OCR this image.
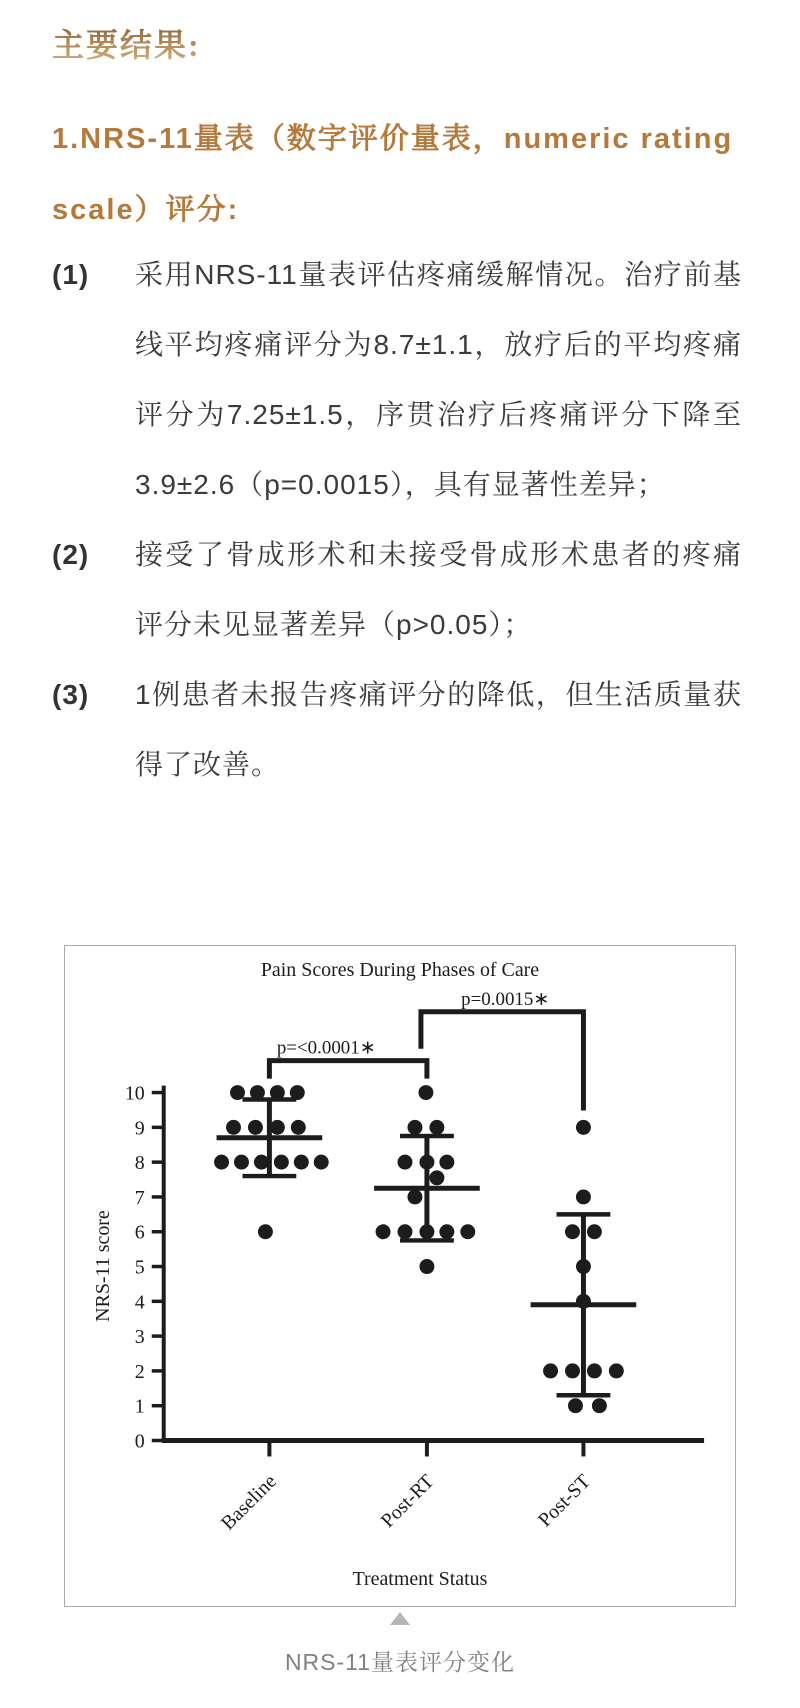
主要结果:
1.NRS-11量表（数字评价量表，numeric rating scale）评分:
(1)	采用NRS-11量表评估疼痛缓解情况。治疗前基线平均疼痛评分为8.7±1.1，放疗后的平均疼痛评分为7.25±1.5，序贯治疗后疼痛评分下降至3.9±2.6（p=0.0015），具有显著性差异；
(2)	接受了骨成形术和未接受骨成形术患者的疼痛评分未见显著差异（p>0.05）；
(3)	1例患者未报告疼痛评分的降低，但生活质量获得了改善。
Pain Scores During Phases of Care
p=<0.0001∗
p=0.0015∗
0
1
2
3
4
5
6
7
8
9
10
Baseline	Post-RT	Post-ST
NRS-11 score
Treatment Status
NRS-11量表评分变化
